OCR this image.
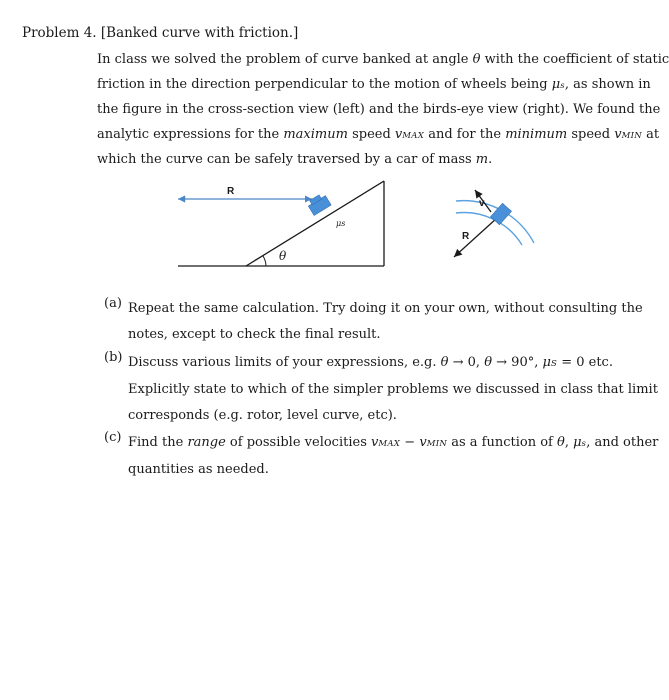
Problem 4. [Banked curve with friction.]
In class we solved the problem of curve banked at angle θ with the coefficient of static
friction in the direction perpendicular to the motion of wheels being μs, as shown in
the figure in the cross-section view (left) and the birds-eye view (right). We found the
analytic expressions for the maximum speed vMAX and for the minimum speed vMIN at
which the curve can be safely traversed by a car of mass m.
R
θ
μs
R
v
(a) Repeat the same calculation. Try doing it on your own, without consulting the
notes, except to check the final result.
(b) Discuss various limits of your expressions, e.g. θ → 0, θ → 90°, μS = 0 etc.
Explicitly state to which of the simpler problems we discussed in class that limit
corresponds (e.g. rotor, level curve, etc).
(c) Find the range of possible velocities vMAX − vMIN as a function of θ, μs, and other
quantities as needed.
